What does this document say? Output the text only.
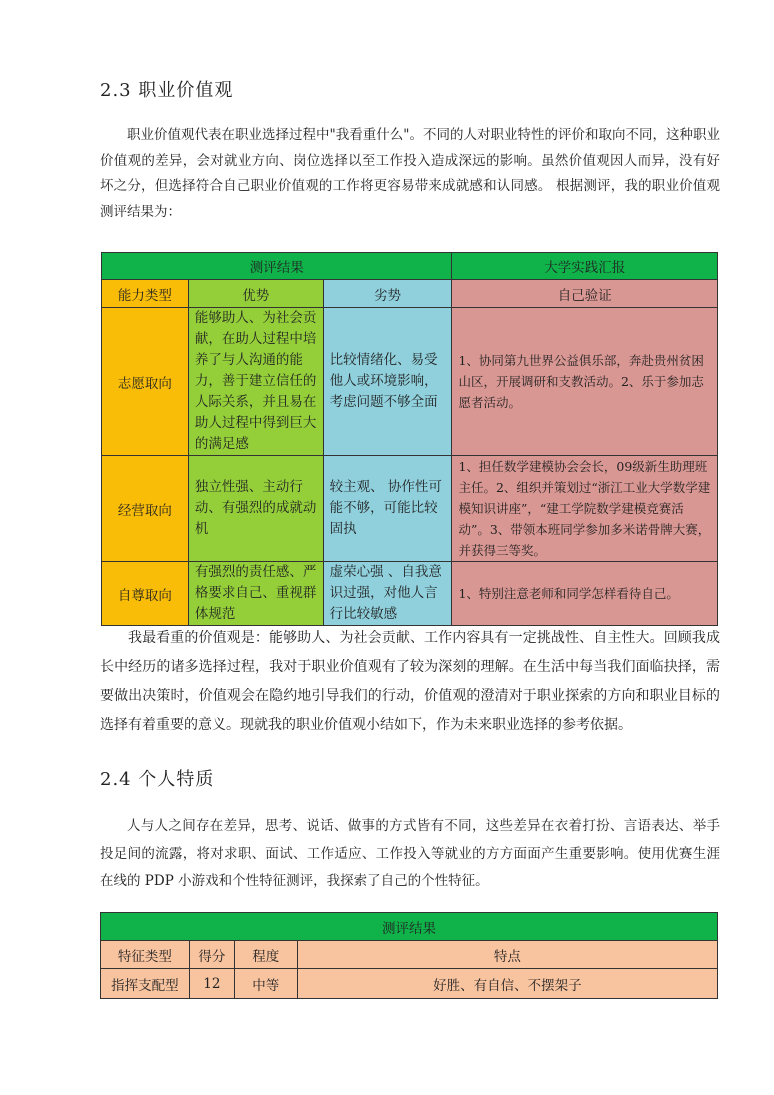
2.3 职业价值观
职业价值观代表在职业选择过程中"我看重什么"。不同的人对职业特性的评价和取向不同，这种职业价值观的差异，会对就业方向、岗位选择以至工作投入造成深远的影响。虽然价值观因人而异，没有好坏之分，但选择符合自己职业价值观的工作将更容易带来成就感和认同感。 根据测评，我的职业价值观测评结果为：
测评结果			大学实践汇报
能力类型	优势	劣势	自己验证
志愿取向	能够助人、为社会贡献，在助人过程中培养了与人沟通的能力，善于建立信任的人际关系，并且易在助人过程中得到巨大的满足感	比较情绪化、易受他人或环境影响，考虑问题不够全面	1、协同第九世界公益俱乐部，奔赴贵州贫困山区，开展调研和支教活动。2、乐于参加志愿者活动。
经营取向	独立性强、主动行动、有强烈的成就动机	较主观、 协作性可能不够，可能比较固执	1、担任数学建模协会会长，09级新生助理班主任。2、组织并策划过“浙江工业大学数学建模知识讲座”，“建工学院数学建模竞赛活动”。3、带领本班同学参加多米诺骨牌大赛，并获得三等奖。
自尊取向	有强烈的责任感、严格要求自己、重视群体规范	虚荣心强 、自我意识过强，对他人言行比较敏感	1、特别注意老师和同学怎样看待自己。
我最看重的价值观是：能够助人、为社会贡献、工作内容具有一定挑战性、自主性大。回顾我成长中经历的诸多选择过程，我对于职业价值观有了较为深刻的理解。在生活中每当我们面临抉择，需要做出决策时，价值观会在隐约地引导我们的行动，价值观的澄清对于职业探索的方向和职业目标的选择有着重要的意义。现就我的职业价值观小结如下，作为未来职业选择的参考依据。
2.4 个人特质
人与人之间存在差异，思考、说话、做事的方式皆有不同，这些差异在衣着打扮、言语表达、举手投足间的流露，将对求职、面试、工作适应、工作投入等就业的方方面面产生重要影响。使用优赛生涯在线的 PDP 小游戏和个性特征测评，我探索了自己的个性特征。
测评结果			
特征类型	得分	程度	特点
指挥支配型	12	中等	好胜、有自信、不摆架子
